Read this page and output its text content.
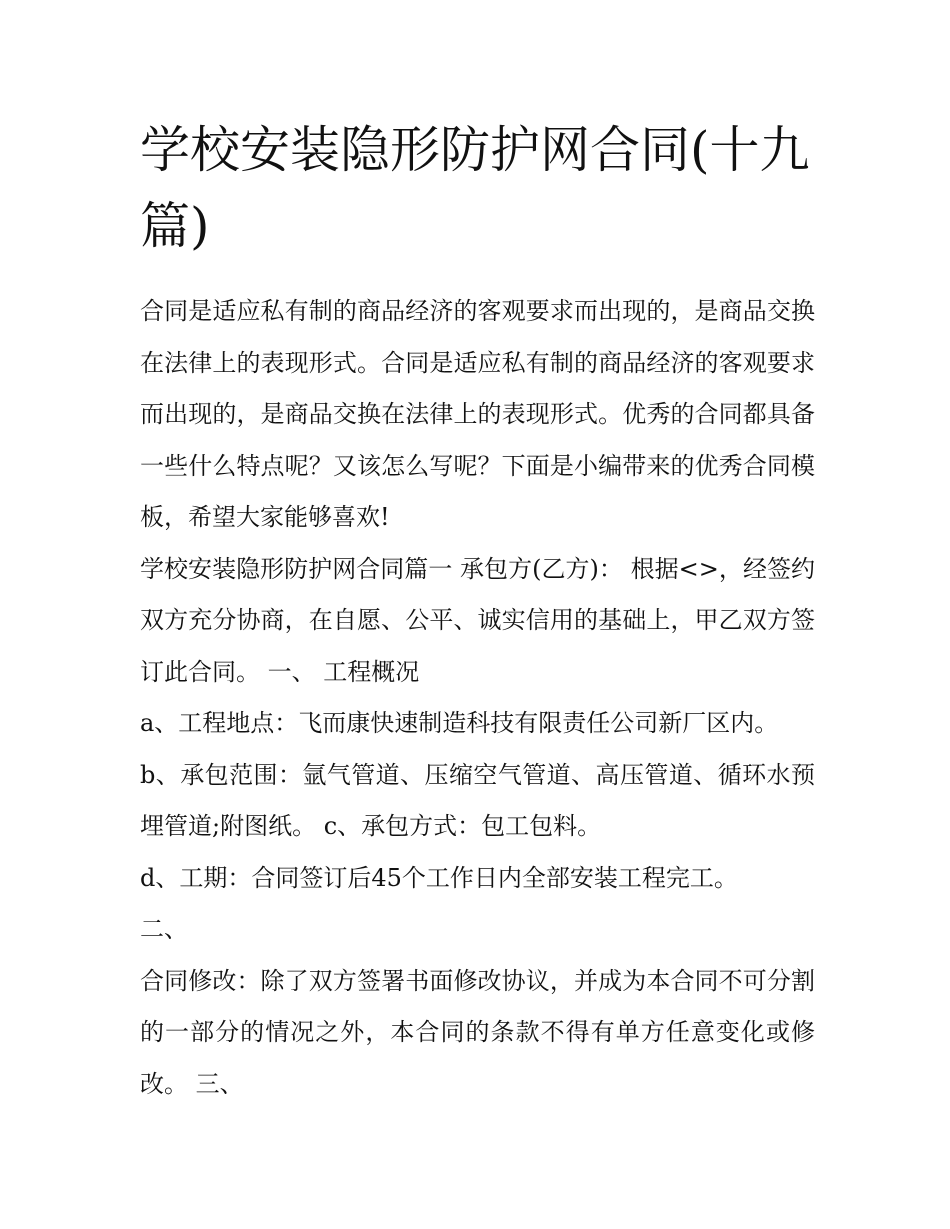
学校安装隐形防护网合同(十九篇)

合同是适应私有制的商品经济的客观要求而出现的，是商品交换在法律上的表现形式。合同是适应私有制的商品经济的客观要求而出现的，是商品交换在法律上的表现形式。优秀的合同都具备一些什么特点呢？又该怎么写呢？下面是小编带来的优秀合同模板，希望大家能够喜欢!

学校安装隐形防护网合同篇一 承包方(乙方)： 根据<>，经签约双方充分协商，在自愿、公平、诚实信用的基础上，甲乙双方签订此合同。 一、 工程概况

a、工程地点：飞而康快速制造科技有限责任公司新厂区内。

b、承包范围：氩气管道、压缩空气管道、高压管道、循环水预埋管道;附图纸。 c、承包方式：包工包料。

d、工期：合同签订后45个工作日内全部安装工程完工。

二、

合同修改：除了双方签署书面修改协议，并成为本合同不可分割的一部分的情况之外，本合同的条款不得有单方任意变化或修改。 三、
